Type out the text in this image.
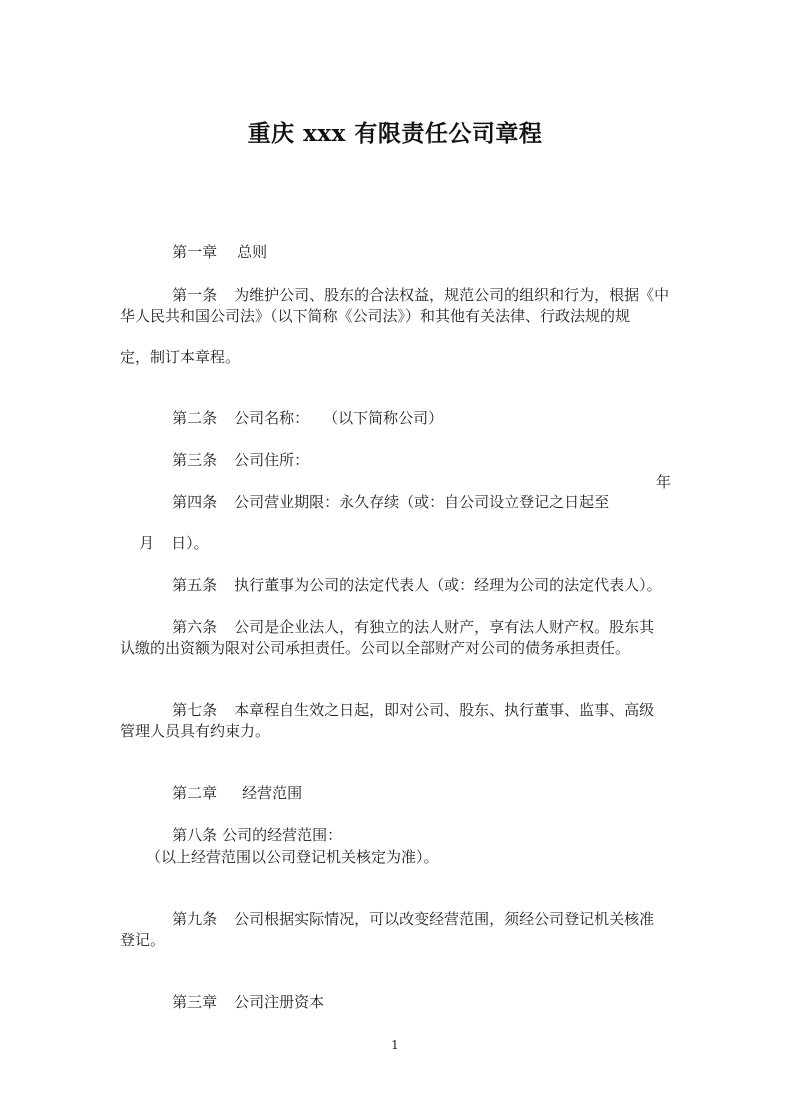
重庆 xxx 有限责任公司章程

第一章 总则

第一条 为维护公司、股东的合法权益，规范公司的组织和行为，根据《中

华人民共和国公司法》（以下简称《公司法》）和其他有关法律、行政法规的规
定，制订本章程。

第二条 公司名称： （以下简称公司）

第三条 公司住所：

第四条 公司营业期限：永久存续（或：自公司设立登记之日起至

年

月 日）。

第五条 执行董事为公司的法定代表人（或：经理为公司的法定代表人）。

第六条 公司是企业法人，有独立的法人财产，享有法人财产权。股东其

认缴的出资额为限对公司承担责任。公司以全部财产对公司的债务承担责任。

第七条 本章程自生效之日起，即对公司、股东、执行董事、监事、高级

管理人员具有约束力。

第二章 经营范围

第八条 公司的经营范围：

（以上经营范围以公司登记机关核定为准）。

第九条 公司根据实际情况，可以改变经营范围，须经公司登记机关核准

登记。

第三章 公司注册资本

1
